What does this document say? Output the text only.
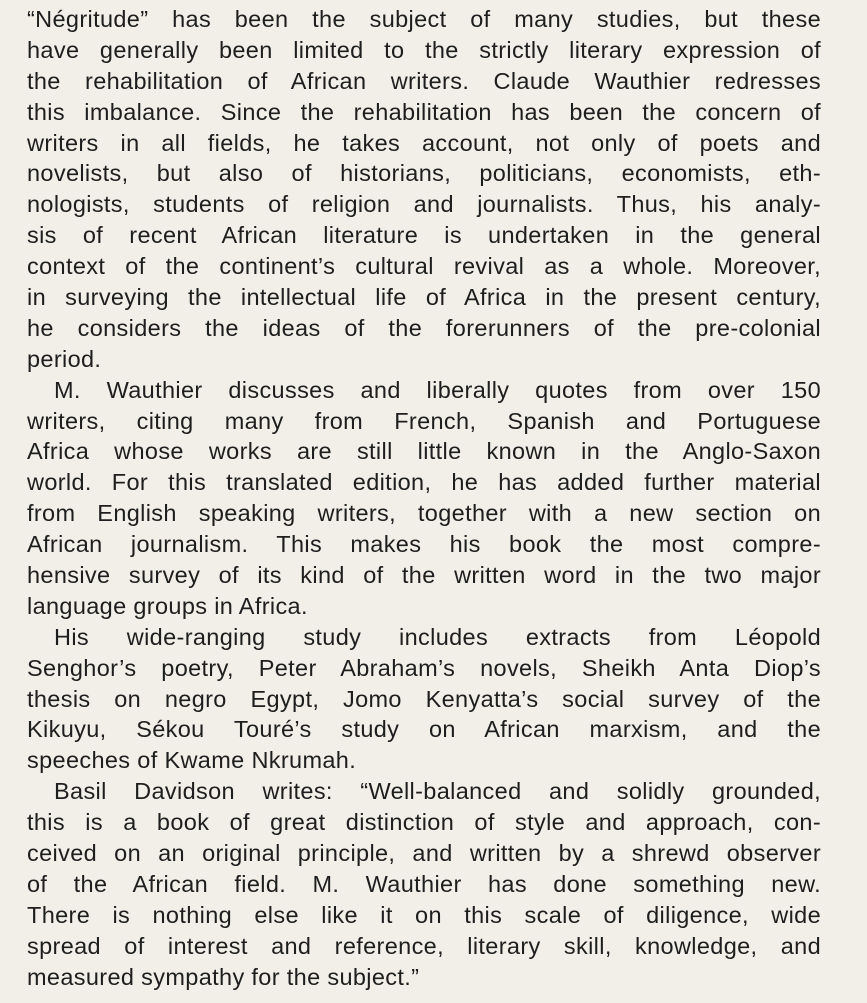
“Négritude” has been the subject of many studies, but these
have generally been limited to the strictly literary expression of
the rehabilitation of African writers. Claude Wauthier redresses
this imbalance. Since the rehabilitation has been the concern of
writers in all fields, he takes account, not only of poets and
novelists, but also of historians, politicians, economists, eth-
nologists, students of religion and journalists. Thus, his analy-
sis of recent African literature is undertaken in the general
context of the continent’s cultural revival as a whole. Moreover,
in surveying the intellectual life of Africa in the present century,
he considers the ideas of the forerunners of the pre-colonial
period.
M. Wauthier discusses and liberally quotes from over 150
writers, citing many from French, Spanish and Portuguese
Africa whose works are still little known in the Anglo-Saxon
world. For this translated edition, he has added further material
from English speaking writers, together with a new section on
African journalism. This makes his book the most compre-
hensive survey of its kind of the written word in the two major
language groups in Africa.
His wide-ranging study includes extracts from Léopold
Senghor’s poetry, Peter Abraham’s novels, Sheikh Anta Diop’s
thesis on negro Egypt, Jomo Kenyatta’s social survey of the
Kikuyu, Sékou Touré’s study on African marxism, and the
speeches of Kwame Nkrumah.
Basil Davidson writes: “Well-balanced and solidly grounded,
this is a book of great distinction of style and approach, con-
ceived on an original principle, and written by a shrewd observer
of the African field. M. Wauthier has done something new.
There is nothing else like it on this scale of diligence, wide
spread of interest and reference, literary skill, knowledge, and
measured sympathy for the subject.”
